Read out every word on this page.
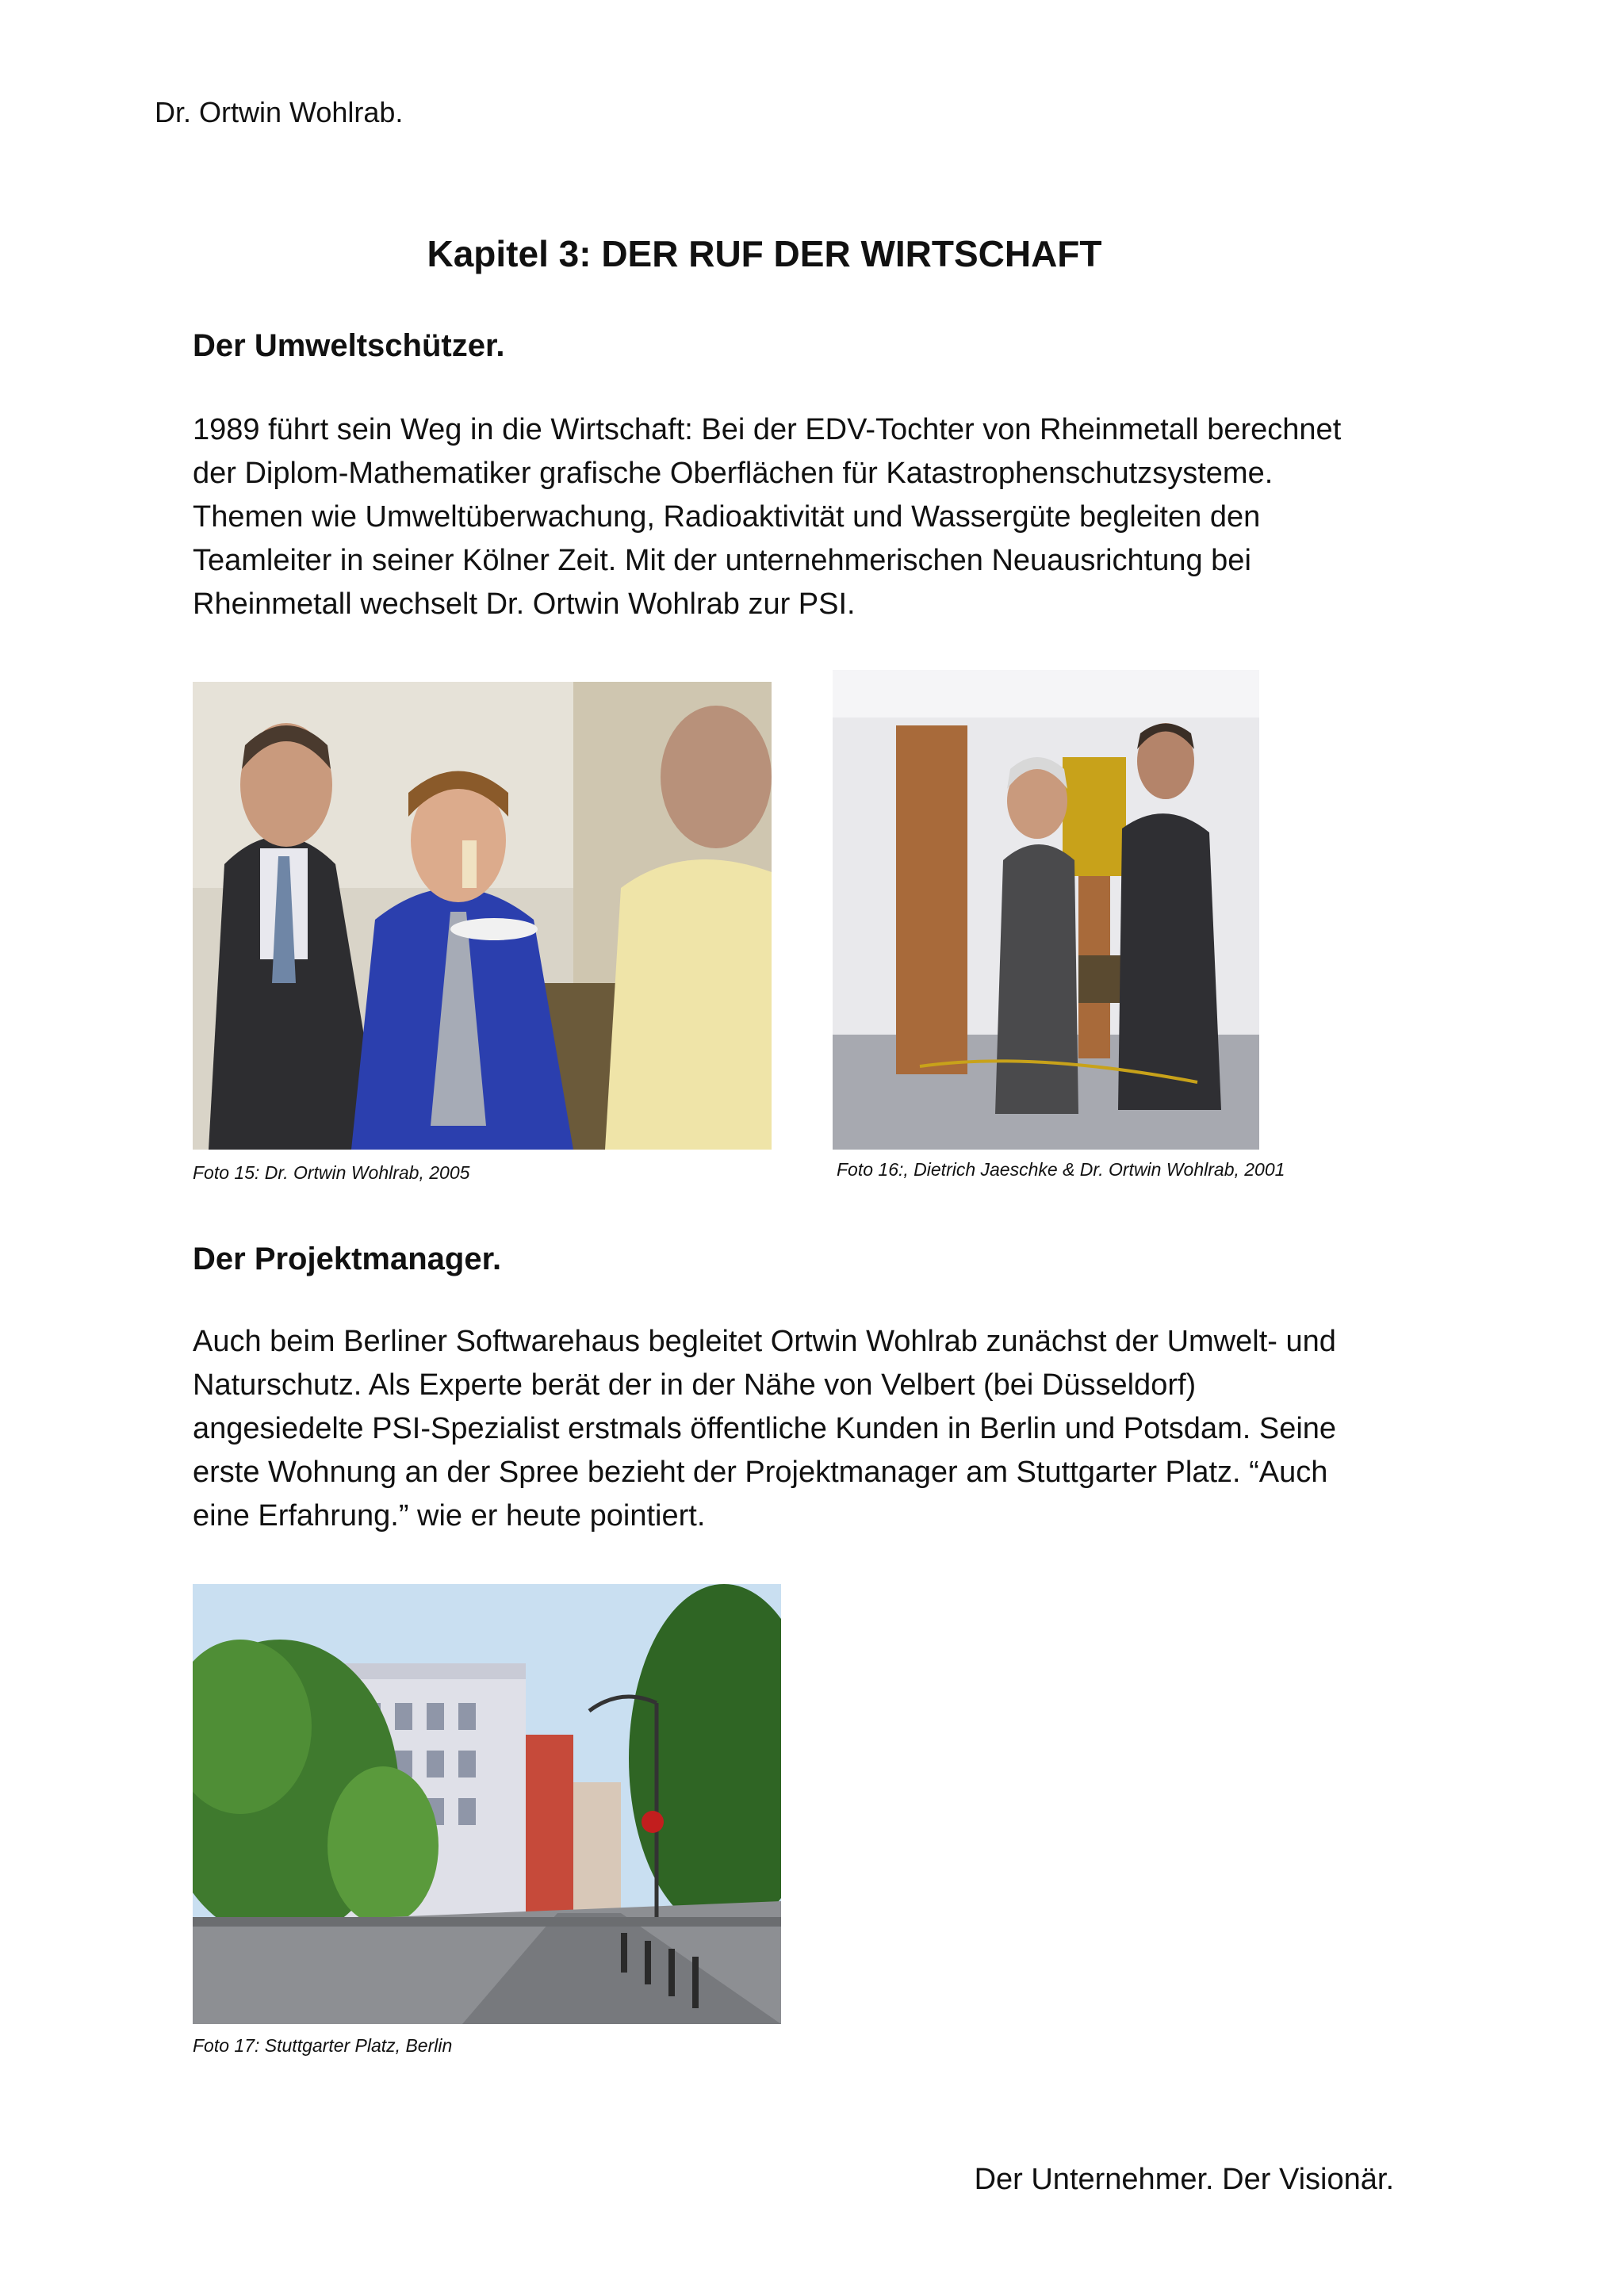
Dr. Ortwin Wohlrab.
Kapitel 3: DER RUF DER WIRTSCHAFT
Der Umweltschützer.

1989 führt sein Weg in die Wirtschaft: Bei der EDV-Tochter von Rheinmetall berechnet der Diplom-Mathematiker grafische Oberflächen für Katastrophenschutzsysteme. Themen wie Umweltüberwachung, Radioaktivität und Wassergüte begleiten den Teamleiter in seiner Kölner Zeit. Mit der unternehmerischen Neuausrichtung bei Rheinmetall wechselt Dr. Ortwin Wohlrab zur PSI.

Foto 15: Dr. Ortwin Wohlrab, 2005	Foto 16:, Dietrich Jaeschke & Dr. Ortwin Wohlrab, 2001
Der Projektmanager.

Auch beim Berliner Softwarehaus begleitet Ortwin Wohlrab zunächst der Umwelt- und Naturschutz. Als Experte berät der in der Nähe von Velbert (bei Düsseldorf) angesiedelte PSI-Spezialist erstmals öffentliche Kunden in Berlin und Potsdam. Seine erste Wohnung an der Spree bezieht der Projektmanager am Stuttgarter Platz. “Auch eine Erfahrung.” wie er heute pointiert.

Foto 17: Stuttgarter Platz, Berlin
Der Unternehmer. Der Visionär.
